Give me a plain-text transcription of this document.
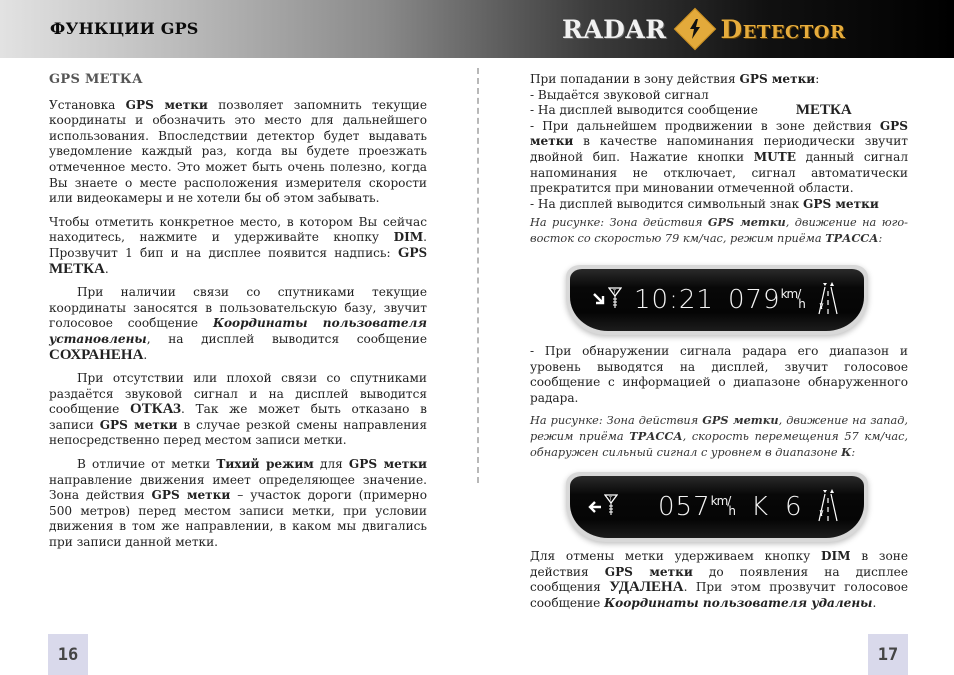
ФУНКЦИИ GPS	RADAR Detector

GPS МЕТКА

Установка GPS метки позволяет запомнить текущие координаты и обозначить это место для дальнейшего использования. Впоследствии детектор будет выдавать уведомление каждый раз, когда вы будете проезжать отмеченное место. Это может быть очень полезно, когда Вы знаете о месте расположения измерителя скорости или видеокамеры и не хотели бы об этом забывать.

Чтобы отметить конкретное место, в котором Вы сейчас находитесь, нажмите и удерживайте кнопку DIM. Прозвучит 1 бип и на дисплее появится надпись: GPS МЕТКА.

При наличии связи со спутниками текущие координаты заносятся в пользовательскую базу, звучит голосовое сообщение Координаты пользователя установлены, на дисплей выводится сообщение СОХРАНЕНА.

При отсутствии или плохой связи со спутниками раздаётся звуковой сигнал и на дисплей выводится сообщение ОТКАЗ. Так же может быть отказано в записи GPS метки в случае резкой смены направления непосредственно перед местом записи метки.

В отличие от метки Тихий режим для GPS метки направление движения имеет определяющее значение. Зона действия GPS метки – участок дороги (примерно 500 метров) перед местом записи метки, при условии движения в том же направлении, в каком мы двигались при записи данной метки.

При попадании в зону действия GPS метки:

- Выдаётся звуковой сигнал

- На дисплей выводится сообщение	МЕТКА

- При дальнейшем продвижении в зоне действия GPS метки в качестве напоминания периодически звучит двойной бип. Нажатие кнопки MUTE данный сигнал напоминания не отключает, сигнал автоматически прекратится при миновании отмеченной области.

- На дисплей выводится символьный знак GPS метки

На рисунке: Зона действия GPS метки, движение на юго-восток со скоростью 79 км/час, режим приёма ТРАССА:

T 10:21 079 km/h

- При обнаружении сигнала радара его диапазон и уровень выводятся на дисплей, звучит голосовое сообщение с информацией о диапазоне обнаруженного радара.

На рисунке: Зона действия GPS метки, движение на запад, режим приёма ТРАССА, скорость перемещения 57 км/час, обнаружен сильный сигнал с уровнем в диапазоне К:

T 057 km/h K 6

Для отмены метки удерживаем кнопку DIM в зоне действия GPS метки до появления на дисплее сообщения УДАЛЕНА. При этом прозвучит голосовое сообщение Координаты пользователя удалены.

16	17
